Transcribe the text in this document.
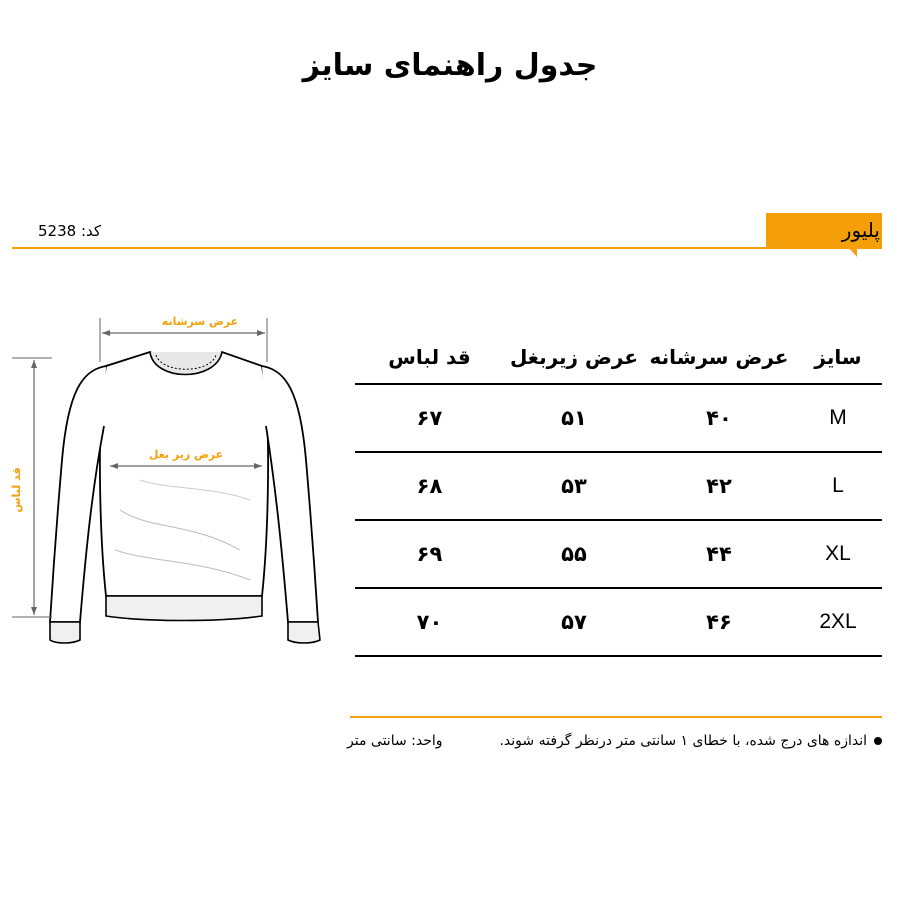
جدول راهنمای سایز
پلیور
کد: 5238
عرض سرشانه
عرض زیر بغل
قد لباس
سایز	عرض سرشانه	عرض زیربغل	قد لباس
M	۴۰	۵۱	۶۷
L	۴۲	۵۳	۶۸
XL	۴۴	۵۵	۶۹
2XL	۴۶	۵۷	۷۰
اندازه های درج شده، با خطای ۱ سانتی متر درنظر گرفته شوند.
واحد: سانتی متر
